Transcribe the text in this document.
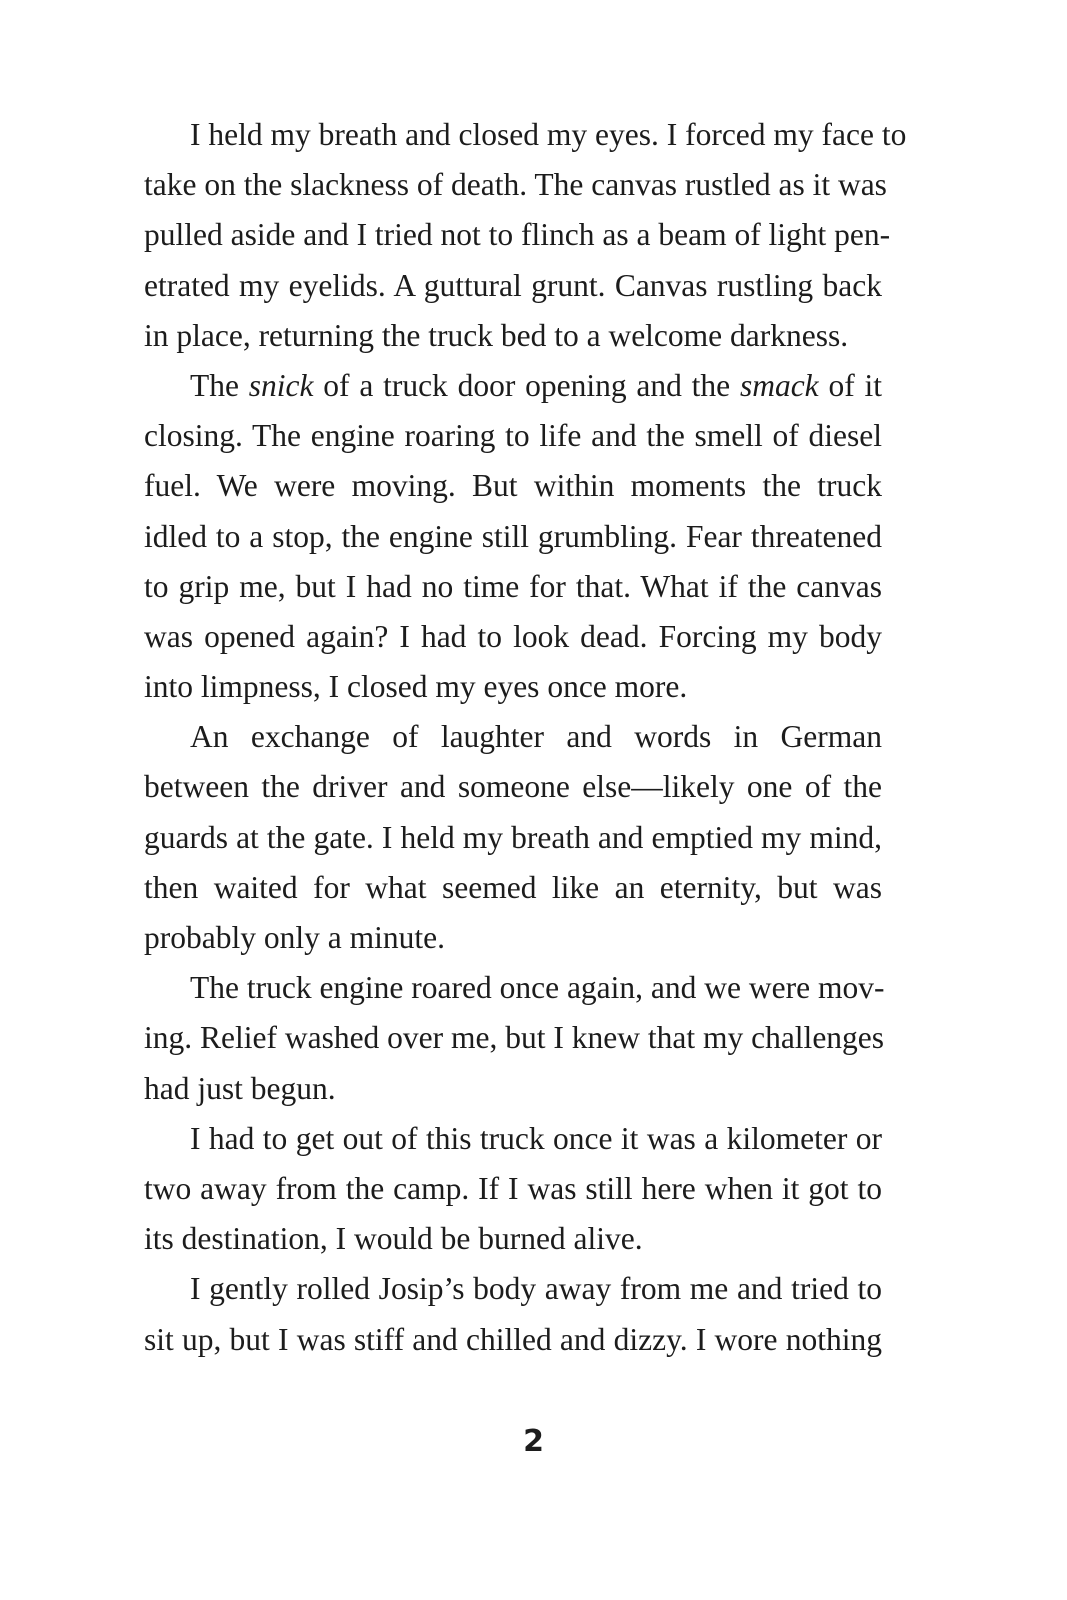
I held my breath and closed my eyes. I forced my face to
take on the slackness of death. The canvas rustled as it was
pulled aside and I tried not to flinch as a beam of light pen-
etrated my eyelids. A guttural grunt. Canvas rustling back
in place, returning the truck bed to a welcome darkness.
The snick of a truck door opening and the smack of it
closing. The engine roaring to life and the smell of diesel
fuel. We were moving. But within moments the truck
idled to a stop, the engine still grumbling. Fear threatened
to grip me, but I had no time for that. What if the canvas
was opened again? I had to look dead. Forcing my body
into limpness, I closed my eyes once more.
An exchange of laughter and words in German
between the driver and someone else—likely one of the
guards at the gate. I held my breath and emptied my mind,
then waited for what seemed like an eternity, but was
probably only a minute.
The truck engine roared once again, and we were mov-
ing. Relief washed over me, but I knew that my challenges
had just begun.
I had to get out of this truck once it was a kilometer or
two away from the camp. If I was still here when it got to
its destination, I would be burned alive.
I gently rolled Josip’s body away from me and tried to
sit up, but I was stiff and chilled and dizzy. I wore nothing
2
